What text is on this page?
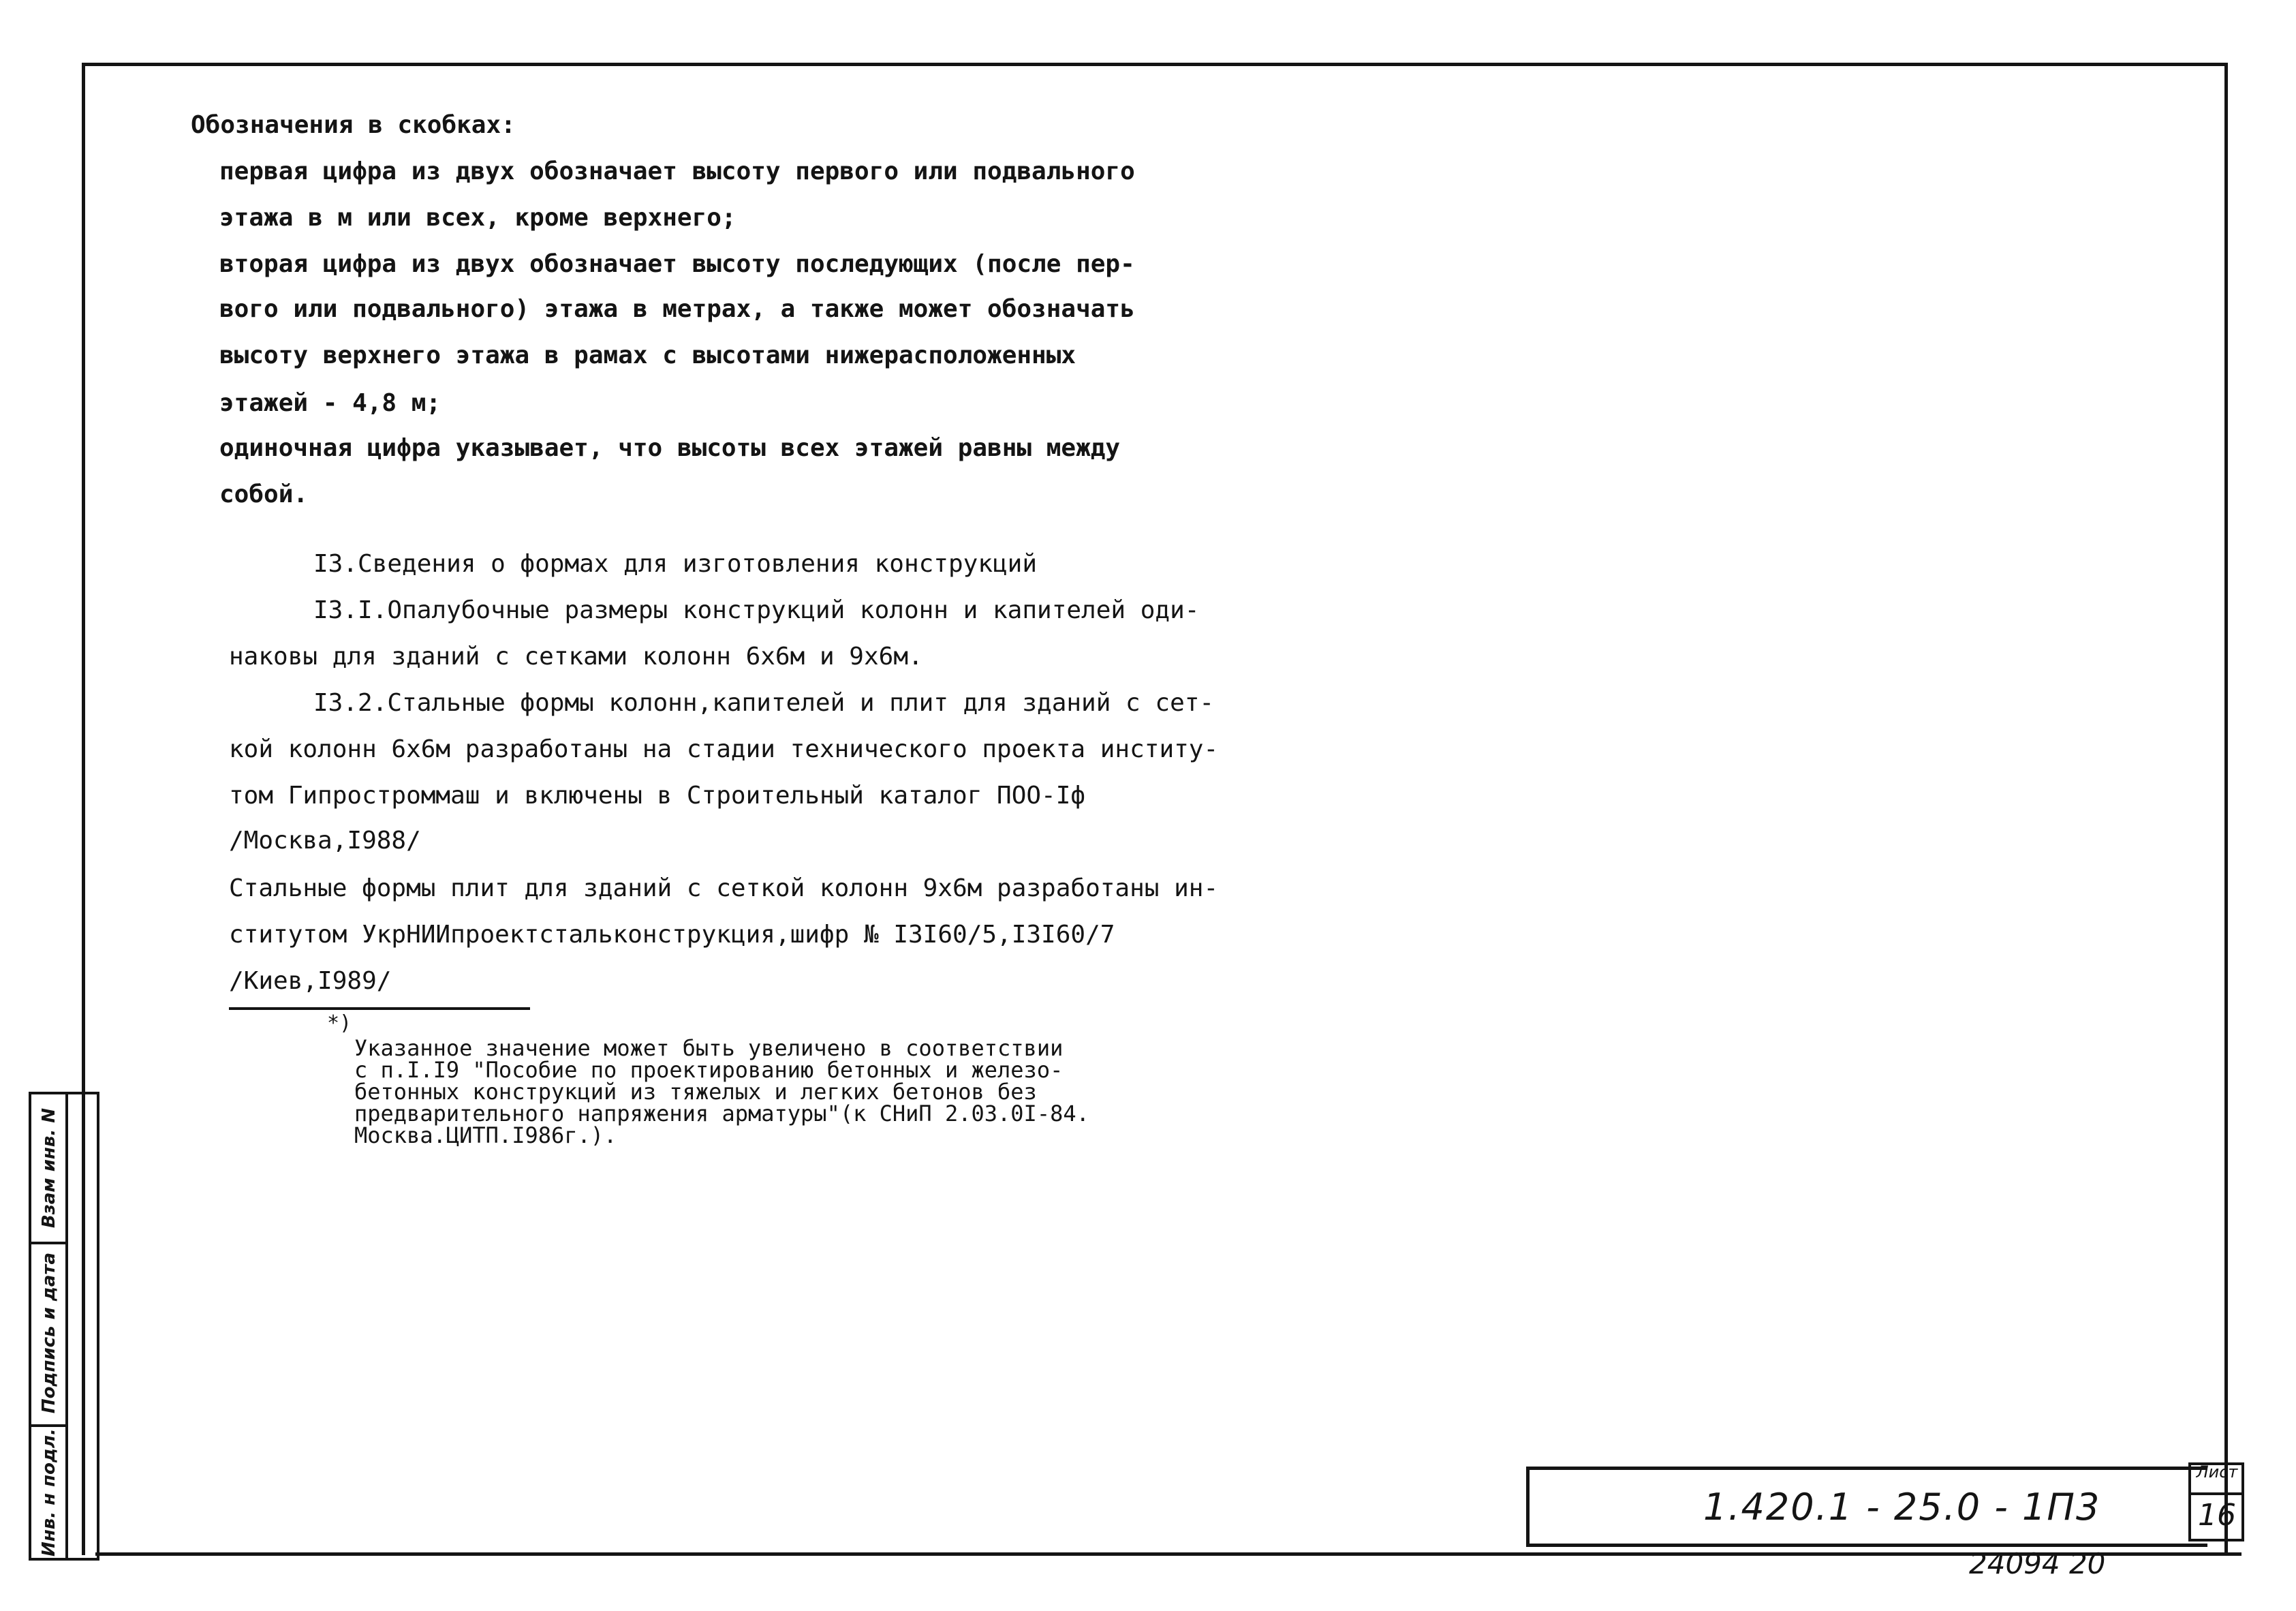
Взам инв. N
Подпись и дата
Инв. н подл.
Обозначения в скобках:
первая цифра из двух обозначает высоту первого или подвального
этажа в м или всех, кроме верхнего;
вторая цифра из двух обозначает высоту последующих (после пер-
вого или подвального) этажа в метрах, а также может обозначать
высоту верхнего этажа в рамах с высотами нижерасположенных
этажей - 4,8 м;
одиночная цифра указывает, что высоты всех этажей равны между
собой.
I3.Сведения о формах для изготовления конструкций
I3.I.Опалубочные размеры конструкций колонн и капителей оди-
наковы для зданий с сетками колонн 6х6м и 9х6м.
I3.2.Стальные формы колонн,капителей и плит для зданий с сет-
кой колонн 6х6м разработаны на стадии технического проекта институ-
том Гипростроммаш и включены в Строительный каталог ПОО-Iф
/Москва,I988/
Стальные формы плит для зданий с сеткой колонн 9х6м разработаны ин-
ститутом УкрНИИпроектстальконструкция,шифр № I3I60/5,I3I60/7
/Киев,I989/
*)
Указанное значение может быть увеличено в соответствии
с п.I.I9 "Пособие по проектированию бетонных и железо-
бетонных конструкций из тяжелых и легких бетонов без
предварительного напряжения арматуры"(к СНиП 2.03.0I-84.
Москва.ЦИТП.I986г.).
1.420.1 - 25.0 - 1П3
Лист
16
24094 20
